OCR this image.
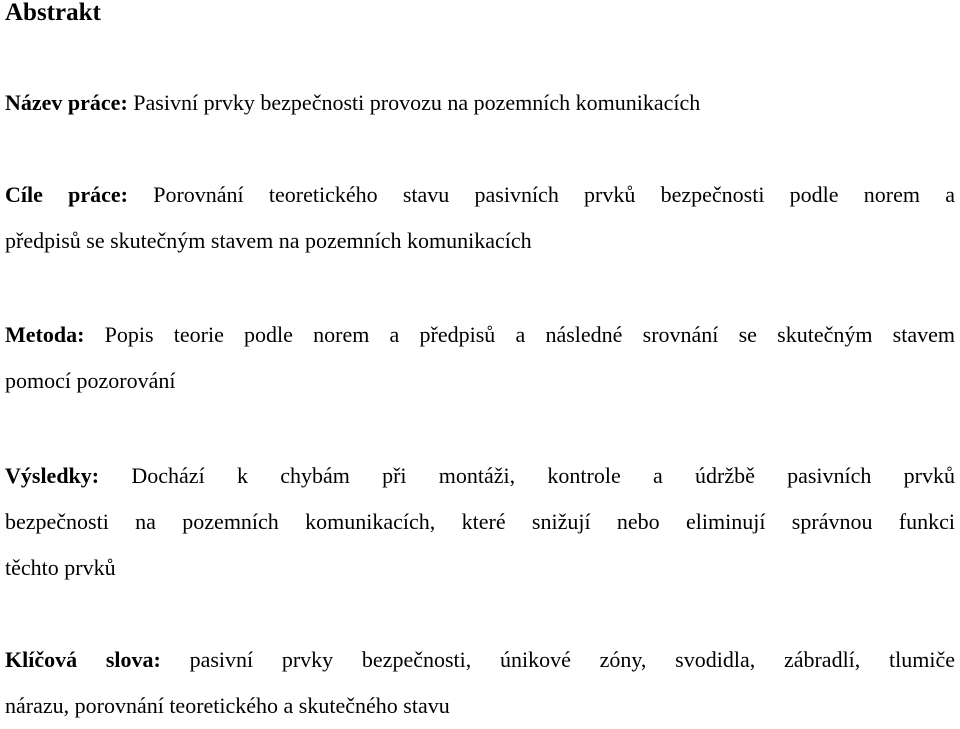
Abstrakt
Název práce: Pasivní prvky bezpečnosti provozu na pozemních komunikacích
Cíle práce: Porovnání teoretického stavu pasivních prvků bezpečnosti podle norem a
předpisů se skutečným stavem na pozemních komunikacích
Metoda: Popis teorie podle norem a předpisů a následné srovnání se skutečným stavem
pomocí pozorování
Výsledky: Dochází k chybám při montáži, kontrole a údržbě pasivních prvků
bezpečnosti na pozemních komunikacích, které snižují nebo eliminují správnou funkci
těchto prvků
Klíčová slova: pasivní prvky bezpečnosti, únikové zóny, svodidla, zábradlí, tlumiče
nárazu, porovnání teoretického a skutečného stavu
